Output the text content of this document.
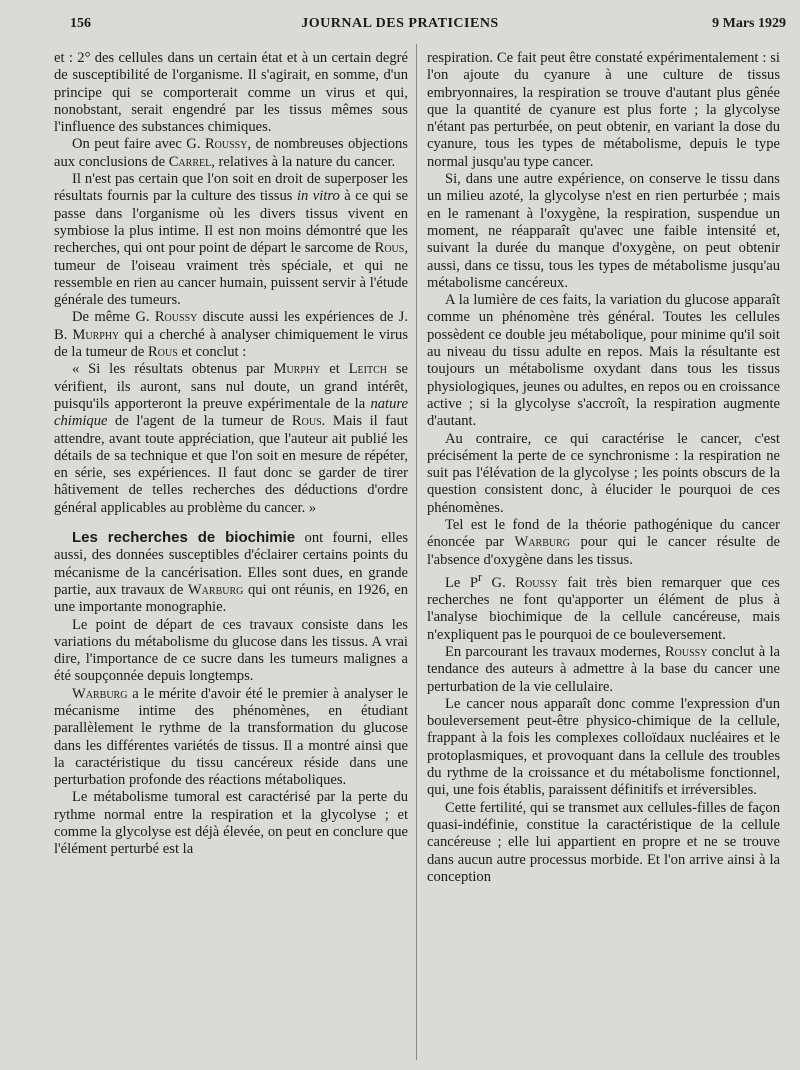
156	JOURNAL DES PRATICIENS	9 Mars 1929

et : 2° des cellules dans un certain état et à un certain degré de susceptibilité de l'organisme. Il s'agirait, en somme, d'un principe qui se comporterait comme un virus et qui, nonobstant, serait engendré par les tissus mêmes sous l'influence des substances chimiques.

On peut faire avec G. Roussy, de nombreuses objections aux conclusions de Carrel, relatives à la nature du cancer.

Il n'est pas certain que l'on soit en droit de superposer les résultats fournis par la culture des tissus in vitro à ce qui se passe dans l'organisme où les divers tissus vivent en symbiose la plus intime. Il est non moins démontré que les recherches, qui ont pour point de départ le sarcome de Rous, tumeur de l'oiseau vraiment très spéciale, et qui ne ressemble en rien au cancer humain, puissent servir à l'étude générale des tumeurs.

De même G. Roussy discute aussi les expériences de J. B. Murphy qui a cherché à analyser chimiquement le virus de la tumeur de Rous et conclut :

« Si les résultats obtenus par Murphy et Leitch se vérifient, ils auront, sans nul doute, un grand intérêt, puisqu'ils apporteront la preuve expérimentale de la nature chimique de l'agent de la tumeur de Rous. Mais il faut attendre, avant toute appréciation, que l'auteur ait publié les détails de sa technique et que l'on soit en mesure de répéter, en série, ses expériences. Il faut donc se garder de tirer hâtivement de telles recherches des déductions d'ordre général applicables au problème du cancer. »

Les recherches de biochimie ont fourni, elles aussi, des données susceptibles d'éclairer certains points du mécanisme de la cancérisation. Elles sont dues, en grande partie, aux travaux de Warburg qui ont réunis, en 1926, en une importante monographie.

Le point de départ de ces travaux consiste dans les variations du métabolisme du glucose dans les tissus. A vrai dire, l'importance de ce sucre dans les tumeurs malignes a été soupçonnée depuis longtemps.

Warburg a le mérite d'avoir été le premier à analyser le mécanisme intime des phénomènes, en étudiant parallèlement le rythme de la transformation du glucose dans les différentes variétés de tissus. Il a montré ainsi que la caractéristique du tissu cancéreux réside dans une perturbation profonde des réactions métaboliques.

Le métabolisme tumoral est caractérisé par la perte du rythme normal entre la respiration et la glycolyse ; et comme la glycolyse est déjà élevée, on peut en conclure que l'élément perturbé est la

respiration. Ce fait peut être constaté expérimentalement : si l'on ajoute du cyanure à une culture de tissus embryonnaires, la respiration se trouve d'autant plus gênée que la quantité de cyanure est plus forte ; la glycolyse n'étant pas perturbée, on peut obtenir, en variant la dose du cyanure, tous les types de métabolisme, depuis le type normal jusqu'au type cancer.

Si, dans une autre expérience, on conserve le tissu dans un milieu azoté, la glycolyse n'est en rien perturbée ; mais en le ramenant à l'oxygène, la respiration, suspendue un moment, ne réapparaît qu'avec une faible intensité et, suivant la durée du manque d'oxygène, on peut obtenir aussi, dans ce tissu, tous les types de métabolisme jusqu'au métabolisme cancéreux.

A la lumière de ces faits, la variation du glucose apparaît comme un phénomène très général. Toutes les cellules possèdent ce double jeu métabolique, pour minime qu'il soit au niveau du tissu adulte en repos. Mais la résultante est toujours un métabolisme oxydant dans tous les tissus physiologiques, jeunes ou adultes, en repos ou en croissance active ; si la glycolyse s'accroît, la respiration augmente d'autant.

Au contraire, ce qui caractérise le cancer, c'est précisément la perte de ce synchronisme : la respiration ne suit pas l'élévation de la glycolyse ; les points obscurs de la question consistent donc, à élucider le pourquoi de ces phénomènes.

Tel est le fond de la théorie pathogénique du cancer énoncée par Warburg pour qui le cancer résulte de l'absence d'oxygène dans les tissus.

Le $P^r$ G. Roussy fait très bien remarquer que ces recherches ne font qu'apporter un élément de plus à l'analyse biochimique de la cellule cancéreuse, mais n'expliquent pas le pourquoi de ce bouleversement.

En parcourant les travaux modernes, Roussy conclut à la tendance des auteurs à admettre à la base du cancer une perturbation de la vie cellulaire.

Le cancer nous apparaît donc comme l'expression d'un bouleversement peut-être physico-chimique de la cellule, frappant à la fois les complexes colloïdaux nucléaires et le protoplasmiques, et provoquant dans la cellule des troubles du rythme de la croissance et du métabolisme fonctionnel, qui, une fois établis, paraissent définitifs et irréversibles.

Cette fertilité, qui se transmet aux cellules-filles de façon quasi-indéfinie, constitue la caractéristique de la cellule cancéreuse ; elle lui appartient en propre et ne se trouve dans aucun autre processus morbide. Et l'on arrive ainsi à la conception
